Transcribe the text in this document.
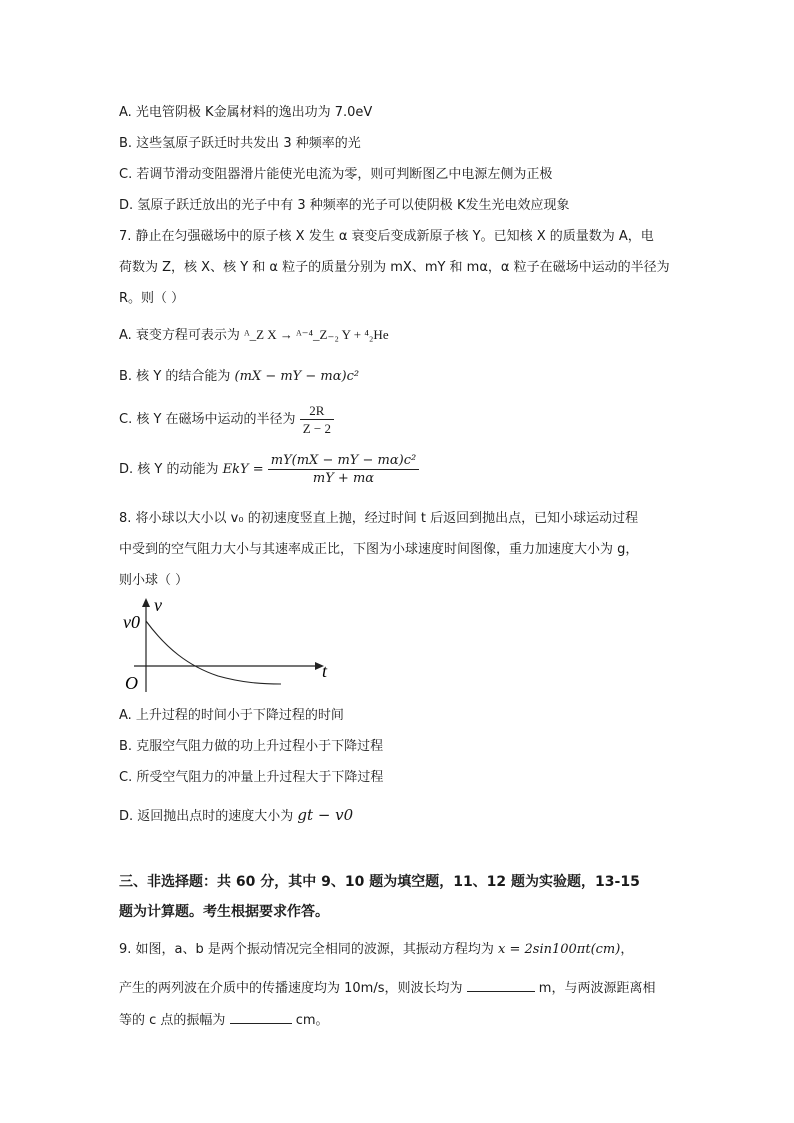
A. 光电管阴极 K金属材料的逸出功为 7.0eV
B. 这些氢原子跃迁时共发出 3 种频率的光
C. 若调节滑动变阻器滑片能使光电流为零，则可判断图乙中电源左侧为正极
D. 氢原子跃迁放出的光子中有 3 种频率的光子可以使阴极 K发生光电效应现象
7. 静止在匀强磁场中的原子核 X 发生 α 衰变后变成新原子核 Y。已知核 X 的质量数为 A，电
荷数为 Z，核 X、核 Y 和 α 粒子的质量分别为 mX、mY 和 mα，α 粒子在磁场中运动的半径为
R。则（ ）
A. 衰变方程可表示为 ᴬ_Z X → ᴬ⁻⁴_Z₋₂ Y + ⁴₂He
B. 核 Y 的结合能为 (mX − mY − mα)c²
C. 核 Y 在磁场中运动的半径为 $\frac{2R}{Z - 2}$
D. 核 Y 的动能为 EkY = $\frac{\text{mY(mX − mY − mα)c²}}{mY + m\alpha}$
8. 将小球以大小以 v₀ 的初速度竖直上抛，经过时间 t 后返回到抛出点，已知小球运动过程
中受到的空气阻力大小与其速率成正比，下图为小球速度时间图像，重力加速度大小为 g，
则小球（ ）
v
v0
t
O
A. 上升过程的时间小于下降过程的时间
B. 克服空气阻力做的功上升过程小于下降过程
C. 所受空气阻力的冲量上升过程大于下降过程
D. 返回抛出点时的速度大小为 gt − v0
三、非选择题：共 60 分，其中 9、10 题为填空题，11、12 题为实验题，13-15
题为计算题。考生根据要求作答。
9. 如图，a、b 是两个振动情况完全相同的波源，其振动方程均为 x = 2sin100πt(cm)，
产生的两列波在介质中的传播速度均为 10m/s，则波长均为	m，与两波源距离相
等的 c 点的振幅为	cm。
